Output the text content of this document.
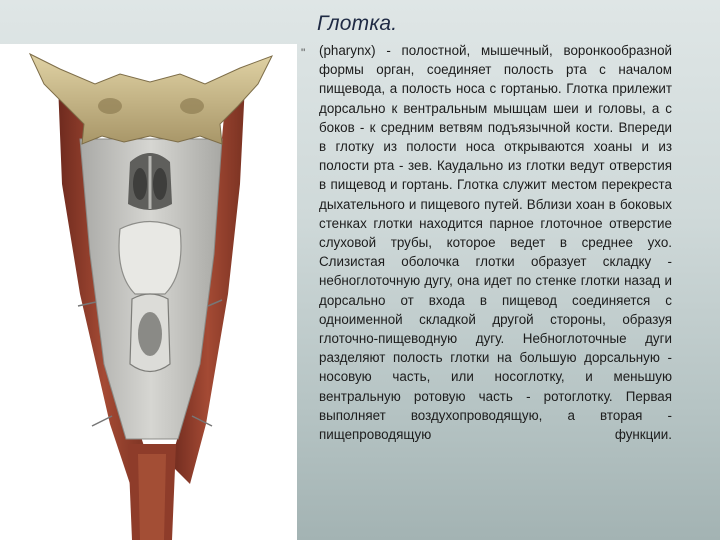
"
Глотка.

(pharynx) - полостной, мышечный, воронкообразной формы орган, соединяет полость рта с началом пищевода, а полость носа с гортанью. Глотка прилежит дорсально к вентральным мышцам шеи и головы, а с боков - к средним ветвям подъязычной кости. Впереди в глотку из полости носа открываются хоаны и из полости рта - зев. Каудально из глотки ведут отверстия в пищевод и гортань. Глотка служит местом перекреста дыхательного и пищевого путей. Вблизи хоан в боковых стенках глотки находится парное глоточное отверстие слуховой трубы, которое ведет в среднее ухо. Слизистая оболочка глотки образует складку - небноглоточную дугу, она идет по стенке глотки назад и дорсально от входа в пищевод соединяется с одноименной складкой другой стороны, образуя глоточно-пищеводную дугу. Небноглоточные дуги разделяют полость глотки на большую дорсальную - носовую часть, или носоглотку, и меньшую вентральную ротовую часть - ротоглотку. Первая выполняет воздухопроводящую, а вторая - пищепроводящую функции.
